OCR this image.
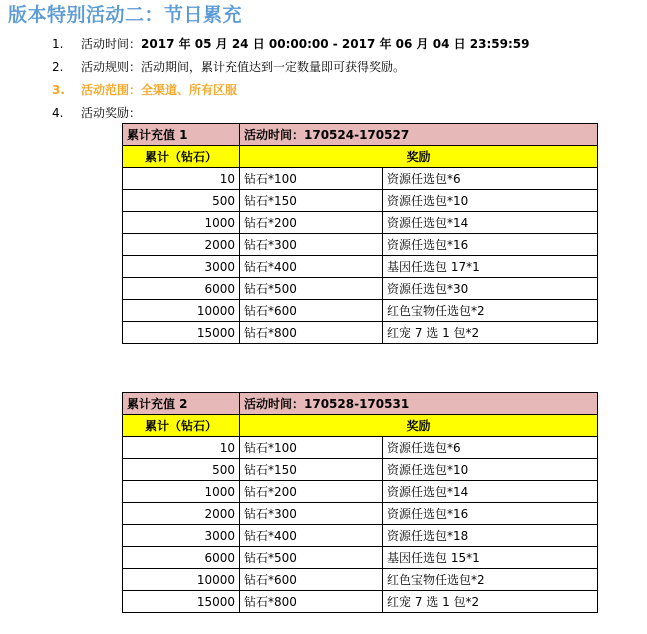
版本特别活动二：节日累充
1.	活动时间：2017 年 05 月 24 日 00:00:00 - 2017 年 06 月 04 日 23:59:59
2.	活动规则：活动期间，累计充值达到一定数量即可获得奖励。
3.	活动范围：全渠道、所有区服
4.	活动奖励：
累计充值 1	活动时间：170524-170527	
累计（钻石）	奖励	
10	钻石*100	资源任选包*6
500	钻石*150	资源任选包*10
1000	钻石*200	资源任选包*14
2000	钻石*300	资源任选包*16
3000	钻石*400	基因任选包 17*1
6000	钻石*500	资源任选包*30
10000	钻石*600	红色宝物任选包*2
15000	钻石*800	红宠 7 选 1 包*2
累计充值 2	活动时间：170528-170531	
累计（钻石）	奖励	
10	钻石*100	资源任选包*6
500	钻石*150	资源任选包*10
1000	钻石*200	资源任选包*14
2000	钻石*300	资源任选包*16
3000	钻石*400	资源任选包*18
6000	钻石*500	基因任选包 15*1
10000	钻石*600	红色宝物任选包*2
15000	钻石*800	红宠 7 选 1 包*2
